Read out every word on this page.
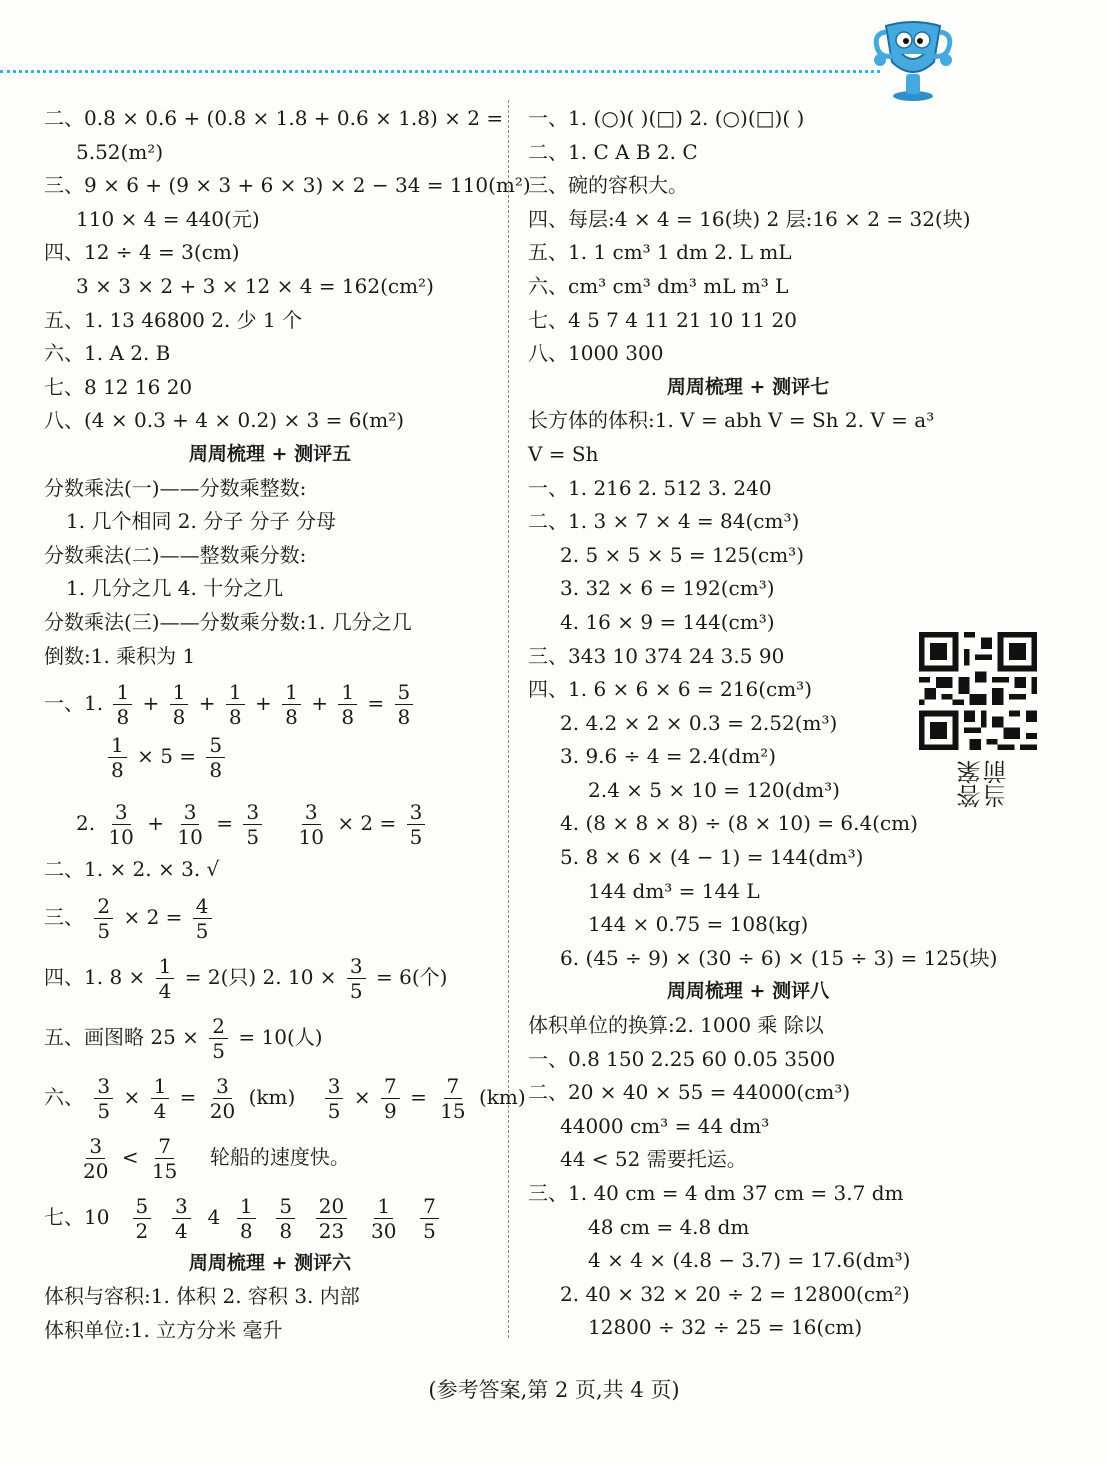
二、0.8 × 0.6 + (0.8 × 1.8 + 0.6 × 1.8) × 2 =
5.52(m²)
三、9 × 6 + (9 × 3 + 6 × 3) × 2 − 34 = 110(m²)
110 × 4 = 440(元)
四、12 ÷ 4 = 3(cm)
3 × 3 × 2 + 3 × 12 × 4 = 162(cm²)
五、1. 13 46800 2. 少 1 个
六、1. A 2. B
七、8 12 16 20
八、(4 × 0.3 + 4 × 0.2) × 3 = 6(m²)
周周梳理 + 测评五
分数乘法(一)——分数乘整数:
1. 几个相同 2. 分子 分子 分母
分数乘法(二)——整数乘分数:
1. 几分之几 4. 十分之几
分数乘法(三)——分数乘分数:1. 几分之几
倒数:1. 乘积为 1
一、1. $\frac{1}{8} + \frac{1}{8} + \frac{1}{8} + \frac{1}{8} + \frac{1}{8} = \frac{5}{8}$
$\frac{1}{8} \times 5 = \frac{5}{8}$
2. $\frac{3}{10} + \frac{3}{10} = \frac{3}{5}$
$\frac{3}{10} \times 2 = \frac{3}{5}$
二、1. × 2. × 3. √
三、 $\frac{2}{5} \times 2 = \frac{4}{5}$
四、1. $8 \times \frac{1}{4} = 2$(只) 2. $10 \times \frac{3}{5} = 6$(个)
五、画图略 $25 \times \frac{2}{5} = 10$(人)
六、 $\frac{3}{5} \times \frac{1}{4} = \frac{3}{20} (km) \frac{3}{5} \times \frac{7}{9} = \frac{7}{15} (km)$
$\frac{3}{20} < \frac{7}{15}$ 轮船的速度快。
七、$10 \frac{5}{2}$
$\frac{3}{4} 4 \frac{1}{8}$
$\frac{5}{8}$
$\frac{20}{23}$
$\frac{1}{30}$
$\frac{7}{5}$
周周梳理 + 测评六
体积与容积:1. 体积 2. 容积 3. 内部
体积单位:1. 立方分米 毫升
一、1. (○)( )(□) 2. (○)(□)( )
二、1. C A B 2. C
三、碗的容积大。
四、每层:4 × 4 = 16(块) 2 层:16 × 2 = 32(块)
五、1. 1 cm³ 1 dm 2. L mL
六、cm³ cm³ dm³ mL m³ L
七、4 5 7 4 11 21 10 11 20
八、1000 300
周周梳理 + 测评七
长方体的体积:1. V = abh V = Sh 2. V = a³
V = Sh
一、1. 216 2. 512 3. 240
二、1. 3 × 7 × 4 = 84(cm³)
2. 5 × 5 × 5 = 125(cm³)
3. 32 × 6 = 192(cm³)
4. 16 × 9 = 144(cm³)
三、343 10 374 24 3.5 90
四、1. 6 × 6 × 6 = 216(cm³)
2. 4.2 × 2 × 0.3 = 2.52(m³)
3. 9.6 ÷ 4 = 2.4(dm²)
2.4 × 5 × 10 = 120(dm³)
4. (8 × 8 × 8) ÷ (8 × 10) = 6.4(cm)
5. 8 × 6 × (4 − 1) = 144(dm³)
144 dm³ = 144 L
144 × 0.75 = 108(kg)
6. (45 ÷ 9) × (30 ÷ 6) × (15 ÷ 3) = 125(块)
周周梳理 + 测评八
体积单位的换算:2. 1000 乘 除以
一、0.8 150 2.25 60 0.05 3500
二、20 × 40 × 55 = 44000(cm³)
44000 cm³ = 44 dm³
44 < 52 需要托运。
三、1. 40 cm = 4 dm 37 cm = 3.7 dm
48 cm = 4.8 dm
4 × 4 × (4.8 − 3.7) = 17.6(dm³)
2. 40 × 32 × 20 ÷ 2 = 12800(cm²)
12800 ÷ 32 ÷ 25 = 16(cm)
答案当前
(参考答案,第 2 页,共 4 页)
